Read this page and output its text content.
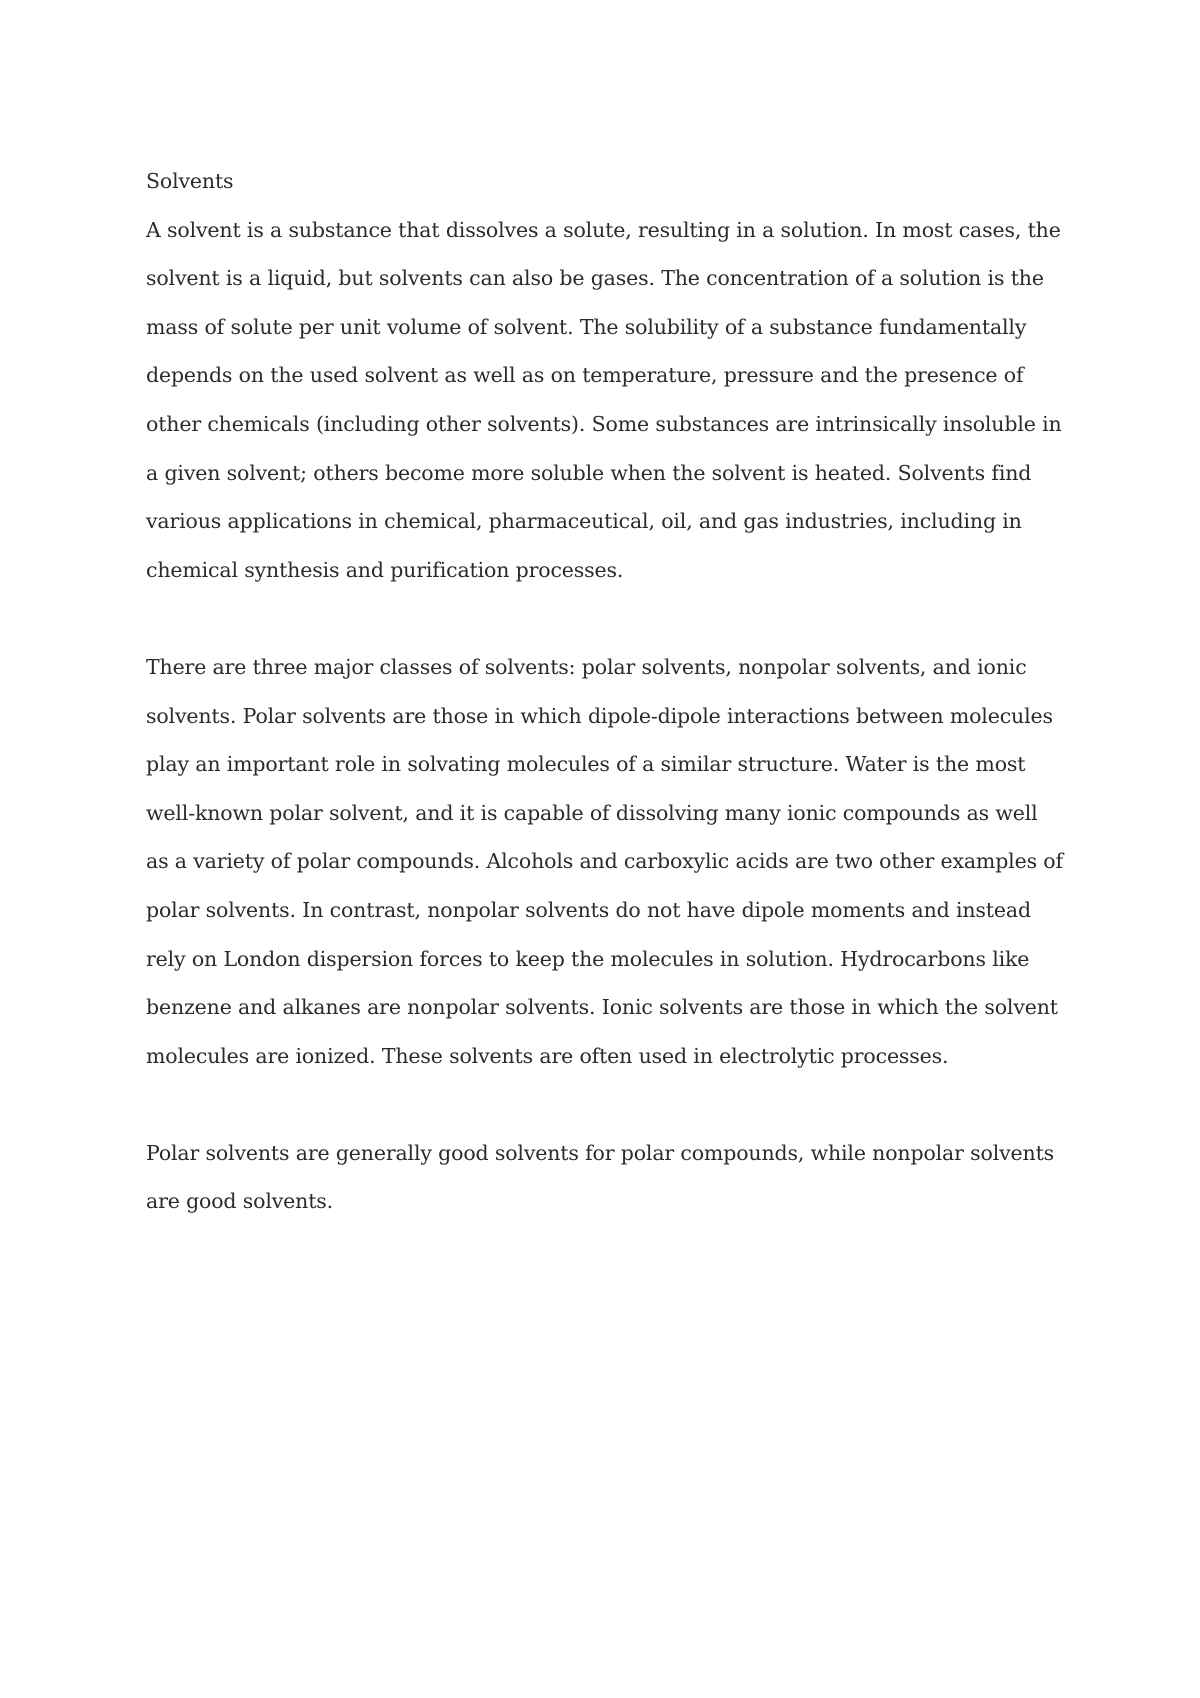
Solvents

A solvent is a substance that dissolves a solute, resulting in a solution. In most cases, the solvent is a liquid, but solvents can also be gases. The concentration of a solution is the mass of solute per unit volume of solvent. The solubility of a substance fundamentally depends on the used solvent as well as on temperature, pressure and the presence of other chemicals (including other solvents). Some substances are intrinsically insoluble in a given solvent; others become more soluble when the solvent is heated. Solvents find various applications in chemical, pharmaceutical, oil, and gas industries, including in chemical synthesis and purification processes.

There are three major classes of solvents: polar solvents, nonpolar solvents, and ionic solvents. Polar solvents are those in which dipole-dipole interactions between molecules play an important role in solvating molecules of a similar structure. Water is the most well-known polar solvent, and it is capable of dissolving many ionic compounds as well as a variety of polar compounds. Alcohols and carboxylic acids are two other examples of polar solvents. In contrast, nonpolar solvents do not have dipole moments and instead rely on London dispersion forces to keep the molecules in solution. Hydrocarbons like benzene and alkanes are nonpolar solvents. Ionic solvents are those in which the solvent molecules are ionized. These solvents are often used in electrolytic processes.

Polar solvents are generally good solvents for polar compounds, while nonpolar solvents are good solvents.
